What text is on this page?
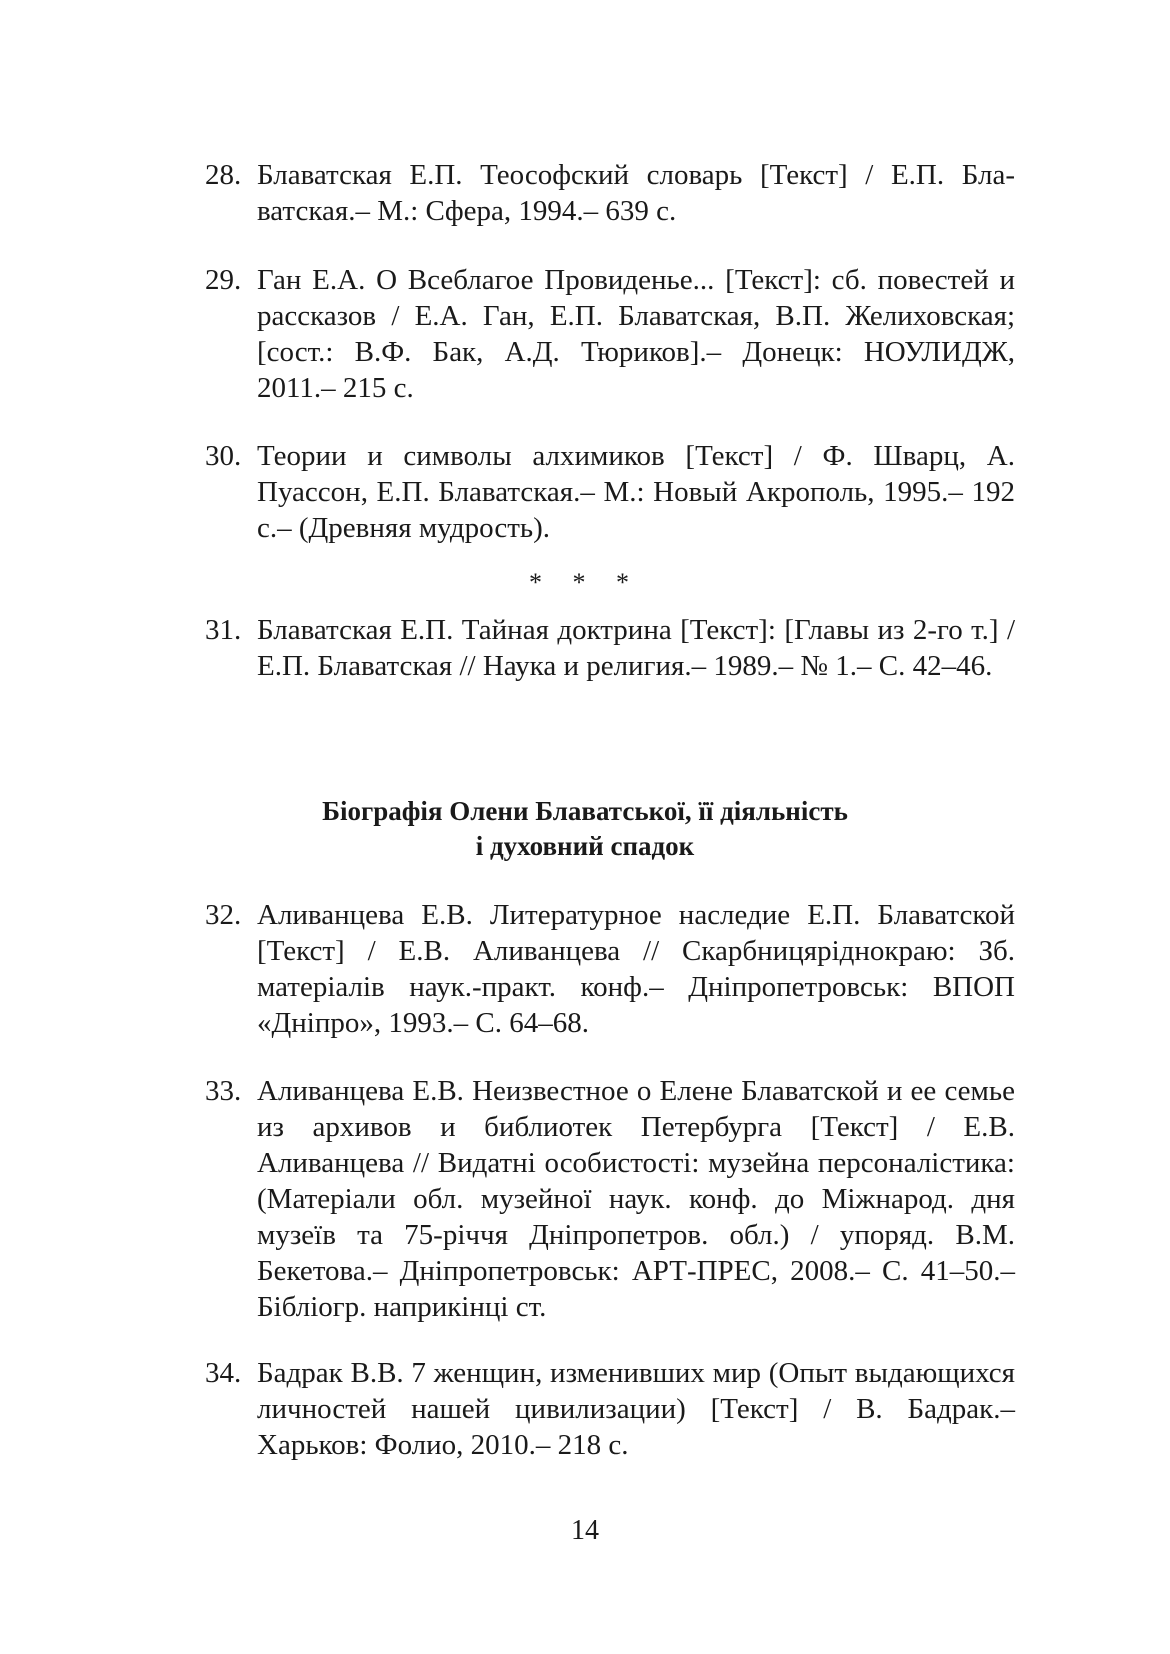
28. Блаватская Е.П. Теософский словарь [Текст] / Е.П. Блаватская.– М.: Сфера, 1994.– 639 с.
29. Ган Е.А. О Всеблагое Провиденье... [Текст]: сб. повестей и рассказов / Е.А. Ган, Е.П. Блаватская, В.П. Желиховская; [сост.: В.Ф. Бак, А.Д. Тюриков].– Донецк: НОУЛИДЖ, 2011.– 215 с.
30. Теории и символы алхимиков [Текст] / Ф. Шварц, А. Пуассон, Е.П. Блаватская.– М.: Новый Акрополь, 1995.– 192 с.– (Древняя мудрость).
* * *
31. Блаватская Е.П. Тайная доктрина [Текст]: [Главы из 2-го т.] / Е.П. Блаватская // Наука и религия.– 1989.– № 1.– С. 42–46.
Біографія Олени Блаватської, її діяльність
і духовний спадок
32. Аливанцева Е.В. Литературное наследие Е.П. Блаватской [Текст] / Е.В. Аливанцева // Скарбницяріднокраю: Зб. матеріалів наук.-практ. конф.– Дніпропетровськ: ВПОП «Дніпро», 1993.– С. 64–68.
33. Аливанцева Е.В. Неизвестное о Елене Блаватской и ее семье из архивов и библиотек Петербурга [Текст] / Е.В. Аливанцева // Видатні особистості: музейна персоналістика: (Матеріали обл. музейної наук. конф. до Міжнарод. дня музеїв та 75-річчя Дніпропетров. обл.) / упоряд. В.М. Бекетова.– Дніпропетровськ: АРТ-ПРЕС, 2008.– С. 41–50.– Бібліогр. наприкінці ст.
34. Бадрак В.В. 7 женщин, изменивших мир (Опыт выдающихся личностей нашей цивилизации) [Текст] / В. Бадрак.– Харьков: Фолио, 2010.– 218 с.
14
